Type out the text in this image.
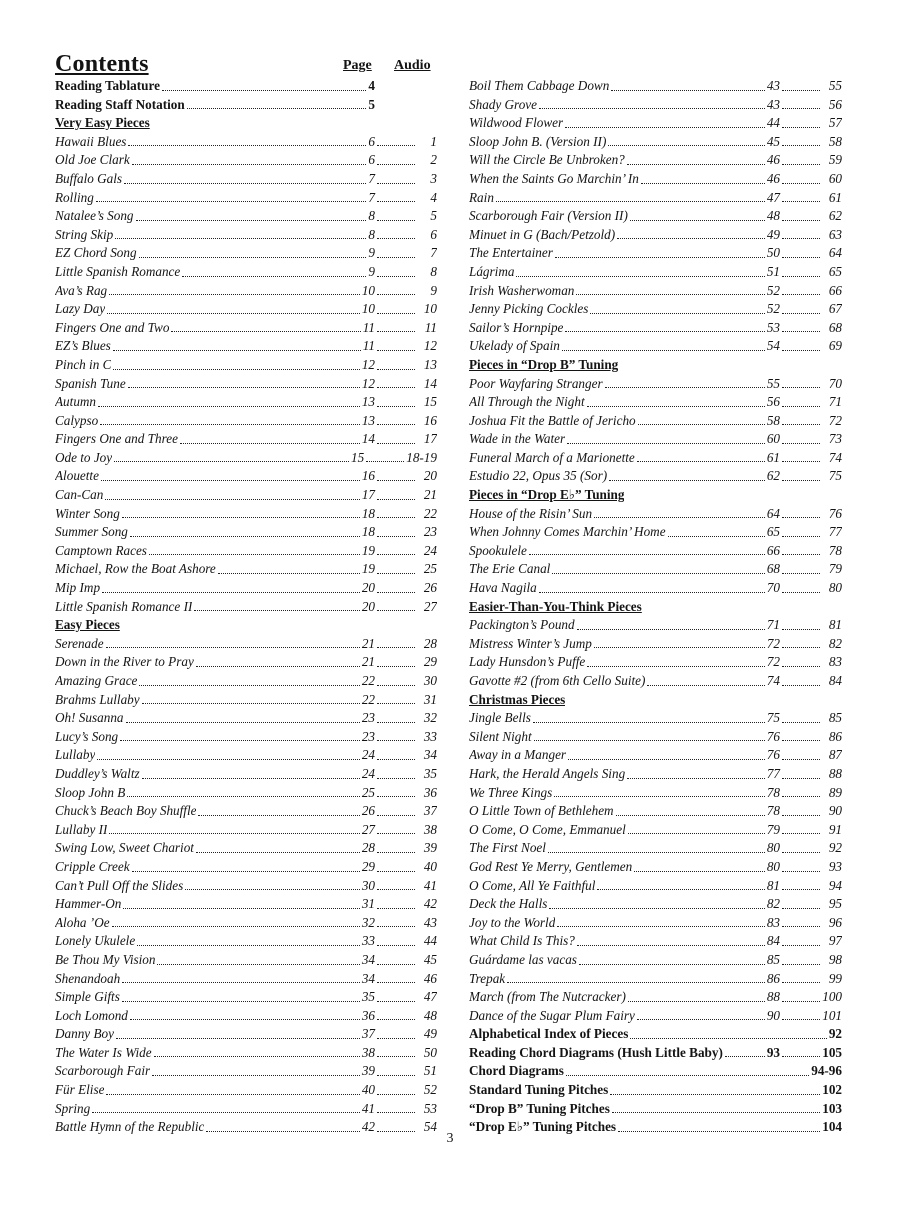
Contents	Page Audio
Reading Tablature	4
Reading Staff Notation	5
Very Easy Pieces
Hawaii Blues	6	1
Old Joe Clark	6	2
Buffalo Gals	7	3
Rolling	7	4
Natalee’s Song	8	5
String Skip	8	6
EZ Chord Song	9	7
Little Spanish Romance	9	8
Ava’s Rag	10	9
Lazy Day	10	10
Fingers One and Two	11	11
EZ’s Blues	11	12
Pinch in C	12	13
Spanish Tune	12	14
Autumn	13	15
Calypso	13	16
Fingers One and Three	14	17
Ode to Joy	15	18-19
Alouette	16	20
Can-Can	17	21
Winter Song	18	22
Summer Song	18	23
Camptown Races	19	24
Michael, Row the Boat Ashore	19	25
Mip Imp	20	26
Little Spanish Romance II	20	27
Easy Pieces
Serenade	21	28
Down in the River to Pray	21	29
Amazing Grace	22	30
Brahms Lullaby	22	31
Oh! Susanna	23	32
Lucy’s Song	23	33
Lullaby	24	34
Duddley’s Waltz	24	35
Sloop John B	25	36
Chuck’s Beach Boy Shuffle	26	37
Lullaby II	27	38
Swing Low, Sweet Chariot	28	39
Cripple Creek	29	40
Can’t Pull Off the Slides	30	41
Hammer-On	31	42
Aloha ’Oe	32	43
Lonely Ukulele	33	44
Be Thou My Vision	34	45
Shenandoah	34	46
Simple Gifts	35	47
Loch Lomond	36	48
Danny Boy	37	49
The Water Is Wide	38	50
Scarborough Fair	39	51
Für Elise	40	52
Spring	41	53
Battle Hymn of the Republic	42	54
Boil Them Cabbage Down	43	55
Shady Grove	43	56
Wildwood Flower	44	57
Sloop John B. (Version II)	45	58
Will the Circle Be Unbroken?	46	59
When the Saints Go Marchin’ In	46	60
Rain	47	61
Scarborough Fair (Version II)	48	62
Minuet in G (Bach/Petzold)	49	63
The Entertainer	50	64
Lágrima	51	65
Irish Washerwoman	52	66
Jenny Picking Cockles	52	67
Sailor’s Hornpipe	53	68
Ukelady of Spain	54	69
Pieces in “Drop B” Tuning
Poor Wayfaring Stranger	55	70
All Through the Night	56	71
Joshua Fit the Battle of Jericho	58	72
Wade in the Water	60	73
Funeral March of a Marionette	61	74
Estudio 22, Opus 35 (Sor)	62	75
Pieces in “Drop E♭” Tuning
House of the Risin’ Sun	64	76
When Johnny Comes Marchin’ Home	65	77
Spookulele	66	78
The Erie Canal	68	79
Hava Nagila	70	80
Easier-Than-You-Think Pieces
Packington’s Pound	71	81
Mistress Winter’s Jump	72	82
Lady Hunsdon’s Puffe	72	83
Gavotte #2 (from 6th Cello Suite)	74	84
Christmas Pieces
Jingle Bells	75	85
Silent Night	76	86
Away in a Manger	76	87
Hark, the Herald Angels Sing	77	88
We Three Kings	78	89
O Little Town of Bethlehem	78	90
O Come, O Come, Emmanuel	79	91
The First Noel	80	92
God Rest Ye Merry, Gentlemen	80	93
O Come, All Ye Faithful	81	94
Deck the Halls	82	95
Joy to the World	83	96
What Child Is This?	84	97
Guárdame las vacas	85	98
Trepak	86	99
March (from The Nutcracker)	88	100
Dance of the Sugar Plum Fairy	90	101
Alphabetical Index of Pieces	92
Reading Chord Diagrams (Hush Little Baby)	93	105
Chord Diagrams	94-96
Standard Tuning Pitches	102
“Drop B” Tuning Pitches	103
“Drop E♭” Tuning Pitches	104
3
